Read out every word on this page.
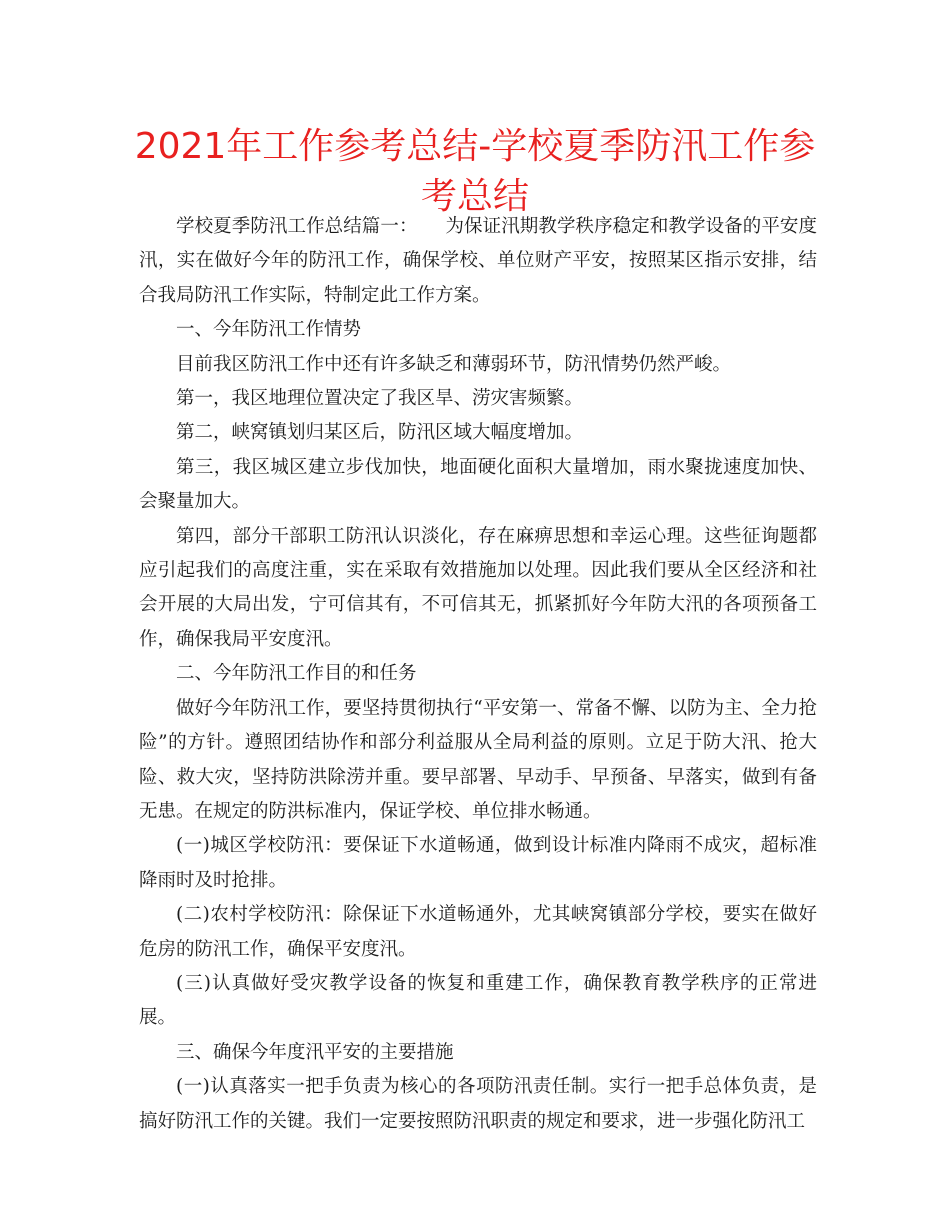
2021年工作参考总结-学校夏季防汛工作参考总结

学校夏季防汛工作总结篇一：　　为保证汛期教学秩序稳定和教学设备的平安度汛，实在做好今年的防汛工作，确保学校、单位财产平安，按照某区指示安排，结合我局防汛工作实际，特制定此工作方案。

一、今年防汛工作情势

目前我区防汛工作中还有许多缺乏和薄弱环节，防汛情势仍然严峻。

第一，我区地理位置决定了我区旱、涝灾害频繁。

第二，峡窝镇划归某区后，防汛区域大幅度增加。

第三，我区城区建立步伐加快，地面硬化面积大量增加，雨水聚拢速度加快、会聚量加大。

第四，部分干部职工防汛认识淡化，存在麻痹思想和幸运心理。这些征询题都应引起我们的高度注重，实在采取有效措施加以处理。因此我们要从全区经济和社会开展的大局出发，宁可信其有，不可信其无，抓紧抓好今年防大汛的各项预备工作，确保我局平安度汛。

二、今年防汛工作目的和任务

做好今年防汛工作，要坚持贯彻执行“平安第一、常备不懈、以防为主、全力抢险”的方针。遵照团结协作和部分利益服从全局利益的原则。立足于防大汛、抢大险、救大灾，坚持防洪除涝并重。要早部署、早动手、早预备、早落实，做到有备无患。在规定的防洪标准内，保证学校、单位排水畅通。

(一)城区学校防汛：要保证下水道畅通，做到设计标准内降雨不成灾，超标准降雨时及时抢排。

(二)农村学校防汛：除保证下水道畅通外，尤其峡窝镇部分学校，要实在做好危房的防汛工作，确保平安度汛。

(三)认真做好受灾教学设备的恢复和重建工作，确保教育教学秩序的正常进展。

三、确保今年度汛平安的主要措施

(一)认真落实一把手负责为核心的各项防汛责任制。实行一把手总体负责，是搞好防汛工作的关键。我们一定要按照防汛职责的规定和要求，进一步强化防汛工
